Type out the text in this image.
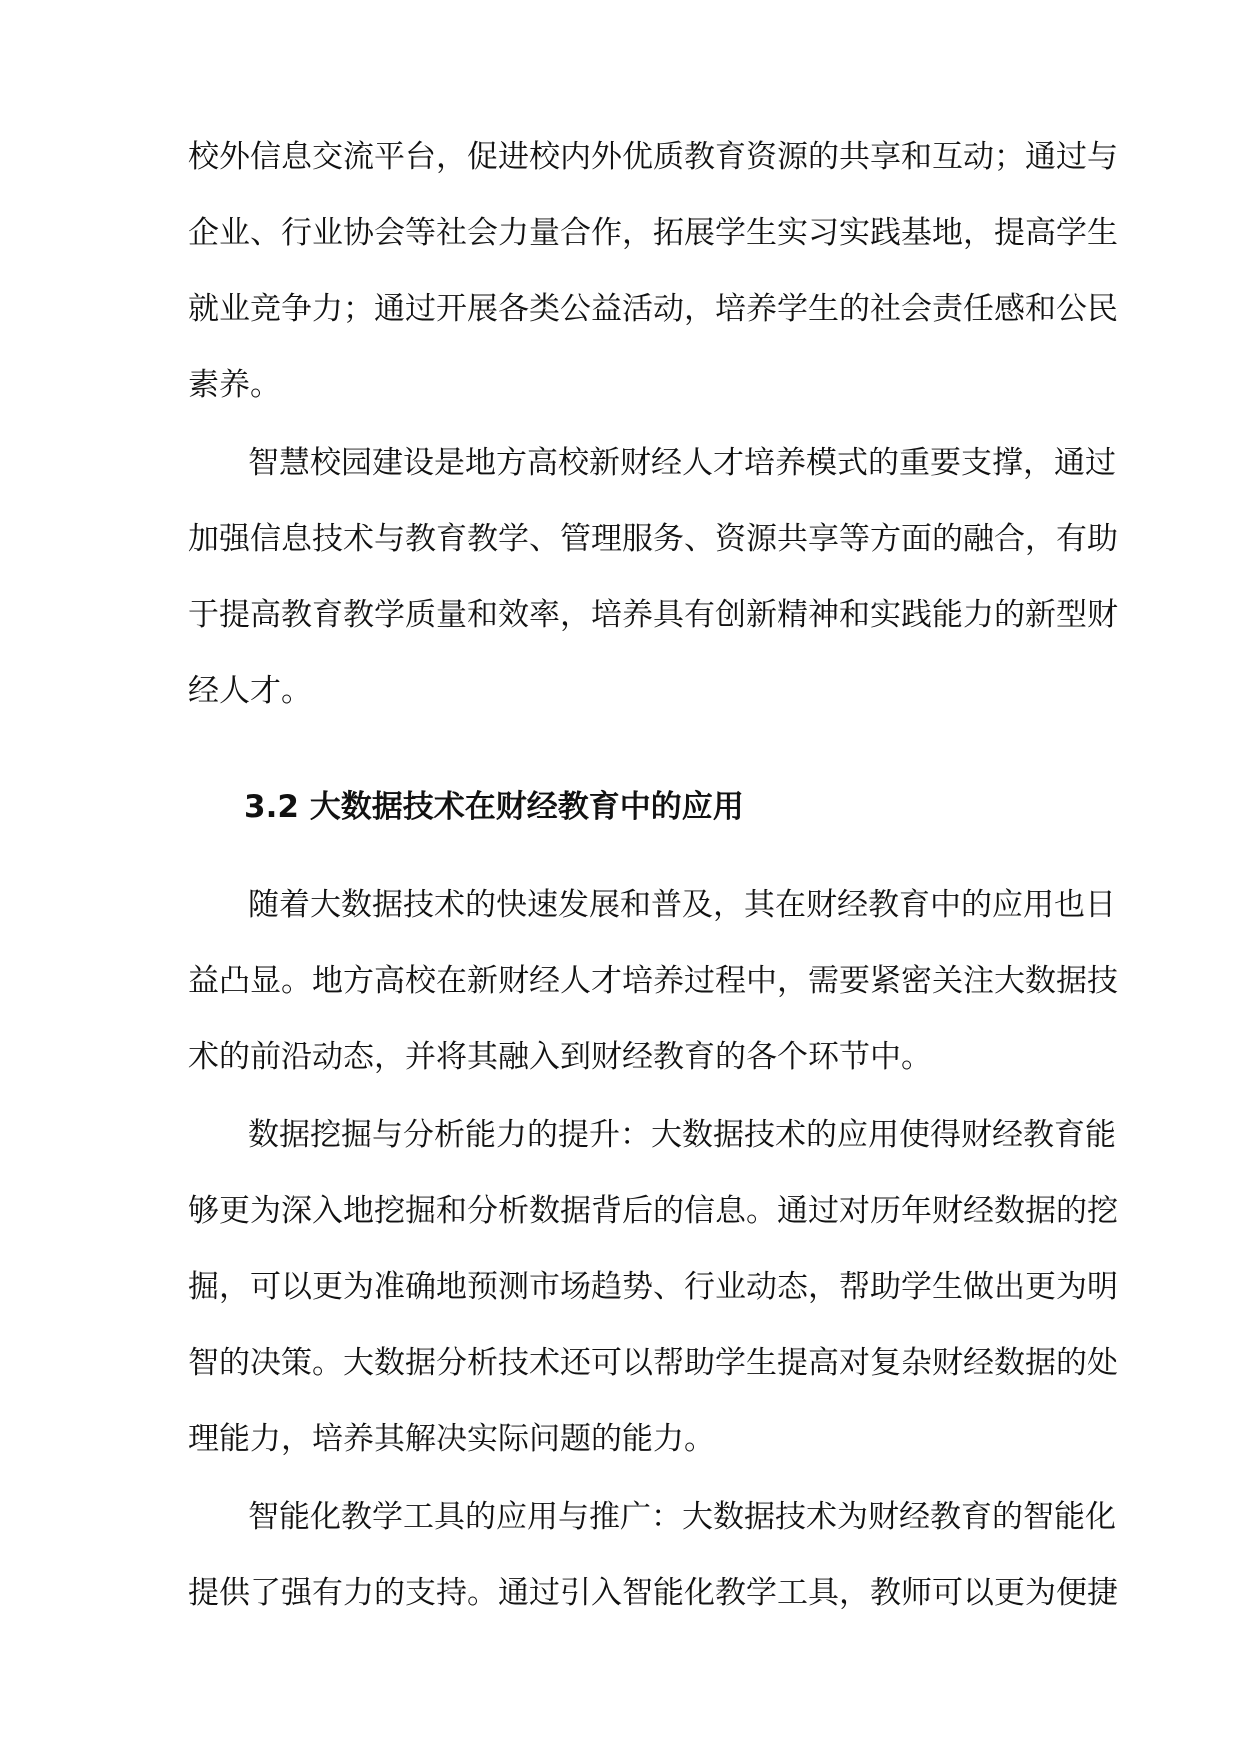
校外信息交流平台，促进校内外优质教育资源的共享和互动；通过与
企业、行业协会等社会力量合作，拓展学生实习实践基地，提高学生
就业竞争力；通过开展各类公益活动，培养学生的社会责任感和公民
素养。
智慧校园建设是地方高校新财经人才培养模式的重要支撑，通过
加强信息技术与教育教学、管理服务、资源共享等方面的融合，有助
于提高教育教学质量和效率，培养具有创新精神和实践能力的新型财
经人才。
3.2 大数据技术在财经教育中的应用
随着大数据技术的快速发展和普及，其在财经教育中的应用也日
益凸显。地方高校在新财经人才培养过程中，需要紧密关注大数据技
术的前沿动态，并将其融入到财经教育的各个环节中。
数据挖掘与分析能力的提升：大数据技术的应用使得财经教育能
够更为深入地挖掘和分析数据背后的信息。通过对历年财经数据的挖
掘，可以更为准确地预测市场趋势、行业动态，帮助学生做出更为明
智的决策。大数据分析技术还可以帮助学生提高对复杂财经数据的处
理能力，培养其解决实际问题的能力。
智能化教学工具的应用与推广：大数据技术为财经教育的智能化
提供了强有力的支持。通过引入智能化教学工具，教师可以更为便捷
